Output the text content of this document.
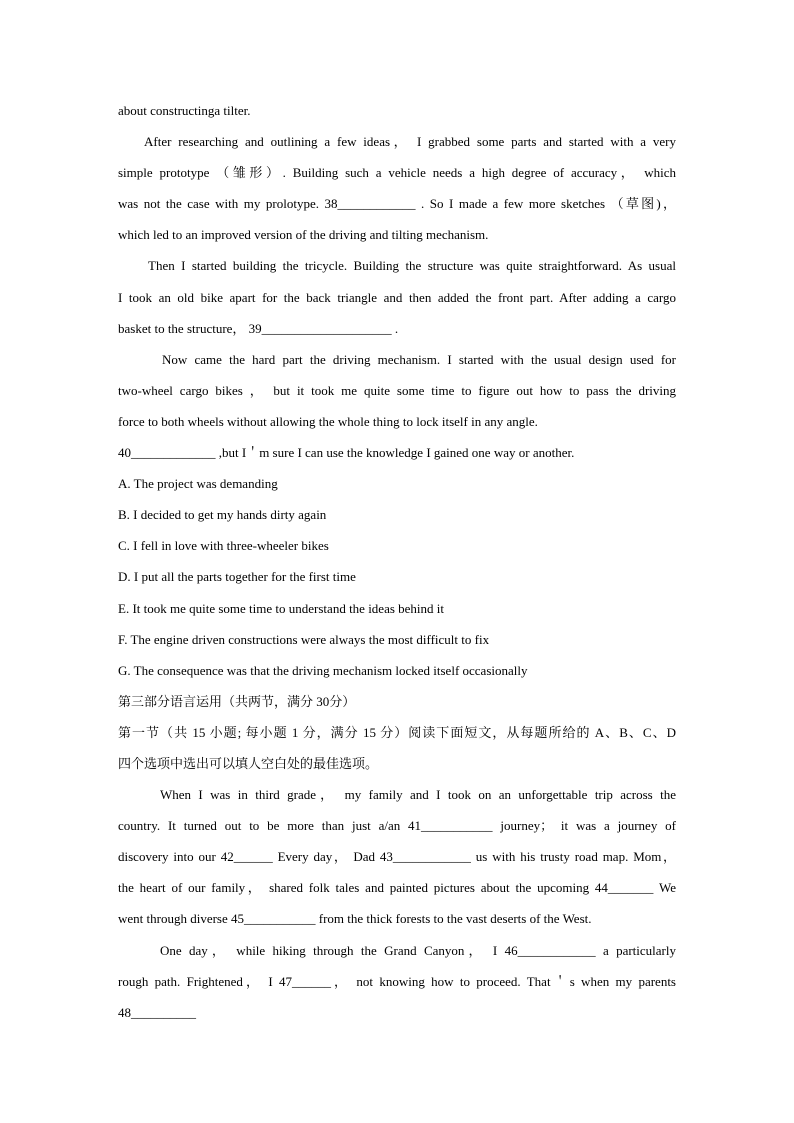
about constructinga tilter.
After researching and outlining a few ideas， I grabbed some parts and started with a very
simple prototype （雏形）. Building such a vehicle needs a high degree of accuracy， which
was not the case with my prolotype. 38____________ . So I made a few more sketches （草图)，
which led to an improved version of the driving and tilting mechanism.
Then I started building the tricycle. Building the structure was quite straightforward. As usual
I took an old bike apart for the back triangle and then added the front part. After adding a cargo
basket to the structure， 39____________________ .
Now came the hard part the driving mechanism. I started with the usual design used for
two-wheel cargo bikes ， but it took me quite some time to figure out how to pass the driving
force to both wheels without allowing the whole thing to lock itself in any angle.
40_____________ ,but I＇m sure I can use the knowledge I gained one way or another.
A. The project was demanding
B. I decided to get my hands dirty again
C. I fell in love with three-wheeler bikes
D. I put all the parts together for the first time
E. It took me quite some time to understand the ideas behind it
F. The engine driven constructions were always the most difficult to fix
G. The consequence was that the driving mechanism locked itself occasionally
第三部分语言运用（共两节，满分 30分）
第一节（共 15 小题; 每小题 1 分，满分 15 分）阅读下面短文，从每题所给的 A、B、C、D
四个选项中选出可以填人空白处的最佳选项。
When I was in third grade， my family and I took on an unforgettable trip across the
country. It turned out to be more than just a/an 41___________ journey； it was a journey of
discovery into our 42______ Every day， Dad 43____________ us with his trusty road map. Mom，
the heart of our family， shared folk tales and painted pictures about the upcoming 44_______ We
went through diverse 45___________ from the thick forests to the vast deserts of the West.
One day， while hiking through the Grand Canyon， I 46____________ a particularly
rough path. Frightened， I 47______， not knowing how to proceed. That＇s when my parents
48__________
